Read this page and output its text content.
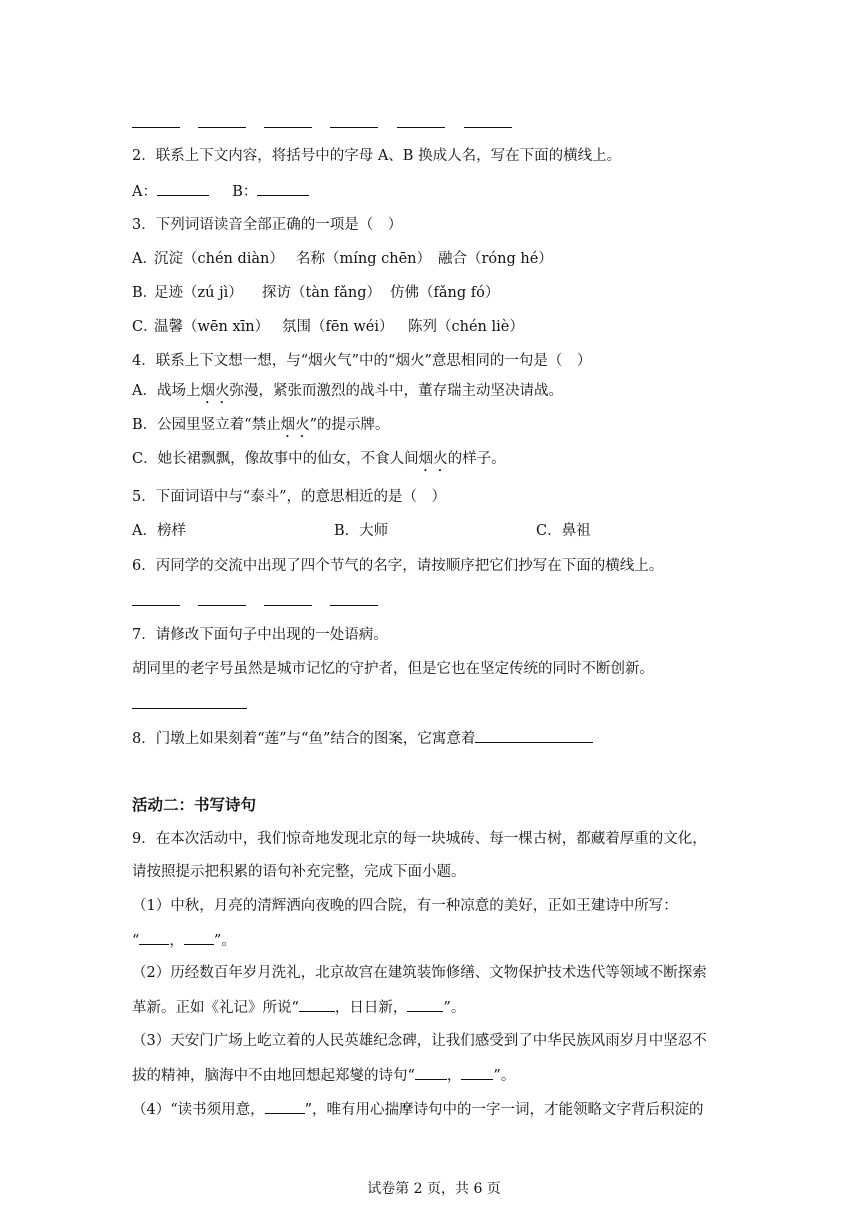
2．联系上下文内容，将括号中的字母 A、B 换成人名，写在下面的横线上。
A：	B：
3．下列词语读音全部正确的一项是（　）
A．
沉淀（chén diàn） 名称（míng chēn） 融合（róng hé）
B．
足迹（zú jì） 探访（tàn fǎng） 仿佛（fǎng fó）
C．
温馨（wēn xīn） 氛围（fēn wéi） 陈列（chén liè）
4．联系上下文想一想，与“烟火气”中的“烟火”意思相同的一句是（　）
A．战场上烟火弥漫，紧张而激烈的战斗中，董存瑞主动坚决请战。
B．公园里竖立着“禁止烟火”的提示牌。
C．她长裙飘飘，像故事中的仙女，不食人间烟火的样子。
5．下面词语中与“泰斗”，的意思相近的是（　）
A．榜样	B．大师	C．鼻祖
6．丙同学的交流中出现了四个节气的名字，请按顺序把它们抄写在下面的横线上。
7．请修改下面句子中出现的一处语病。
胡同里的老字号虽然是城市记忆的守护者，但是它也在坚定传统的同时不断创新。
8．门墩上如果刻着“莲”与“鱼”结合的图案，它寓意着
活动二：书写诗句
9．在本次活动中，我们惊奇地发现北京的每一块城砖、每一棵古树，都藏着厚重的文化，
请按照提示把积累的语句补充完整，完成下面小题。
（1）中秋，月亮的清辉洒向夜晚的四合院，有一种凉意的美好，正如王建诗中所写：
“ ， ”。
（2）历经数百年岁月洗礼，北京故宫在建筑装饰修缮、文物保护技术迭代等领域不断探索
革新。正如《礼记》所说“ ，日日新， ”。
（3）天安门广场上屹立着的人民英雄纪念碑，让我们感受到了中华民族风雨岁月中坚忍不
拔的精神，脑海中不由地回想起郑燮的诗句“ ， ”。
（4）“读书须用意，	”，唯有用心揣摩诗句中的一字一词，才能领略文字背后积淀的
试卷第 2 页，共 6 页
